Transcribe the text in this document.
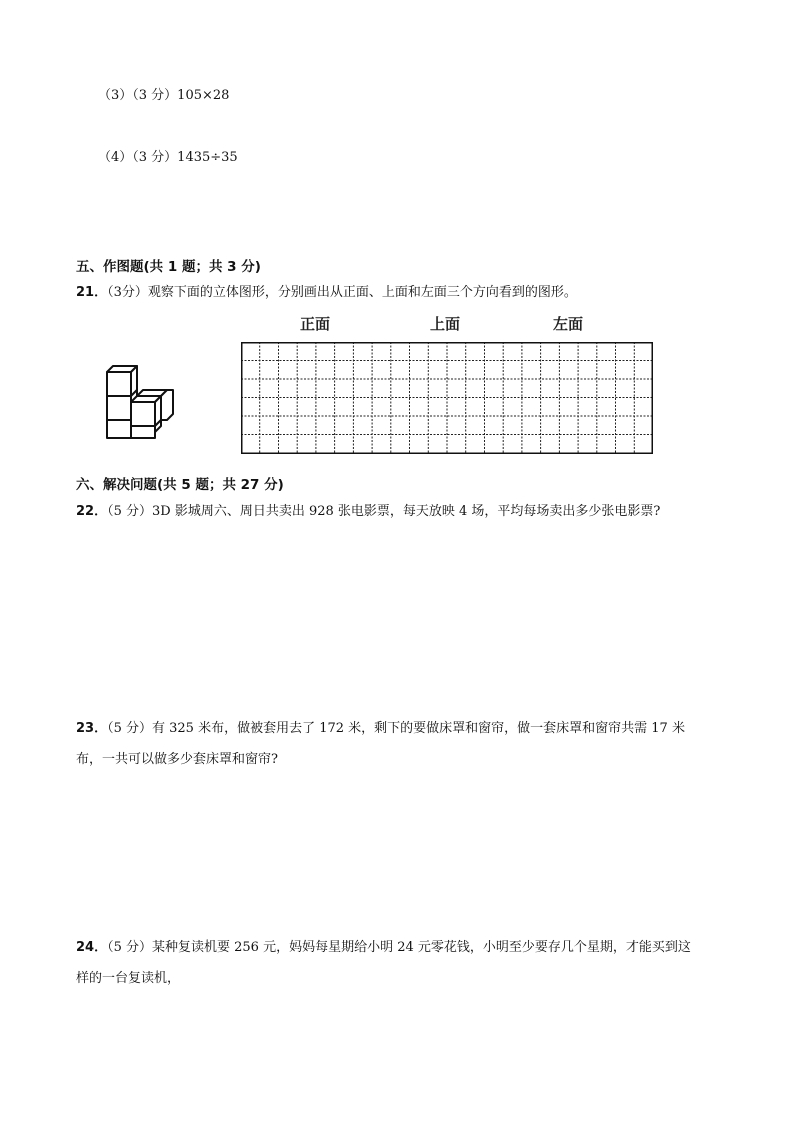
（3）（3 分）105×28
（4）（3 分）1435÷35
五、作图题(共 1 题；共 3 分)
21．（3分）观察下面的立体图形，分别画出从正面、上面和左面三个方向看到的图形。
正面	上面	左面
六、解决问题(共 5 题；共 27 分)
22．（5 分）3D 影城周六、周日共卖出 928 张电影票，每天放映 4 场，平均每场卖出多少张电影票?
23．（5 分）有 325 米布，做被套用去了 172 米，剩下的要做床罩和窗帘，做一套床罩和窗帘共需 17 米
布，一共可以做多少套床罩和窗帘?
24．（5 分）某种复读机要 256 元，妈妈每星期给小明 24 元零花钱，小明至少要存几个星期，才能买到这
样的一台复读机，
